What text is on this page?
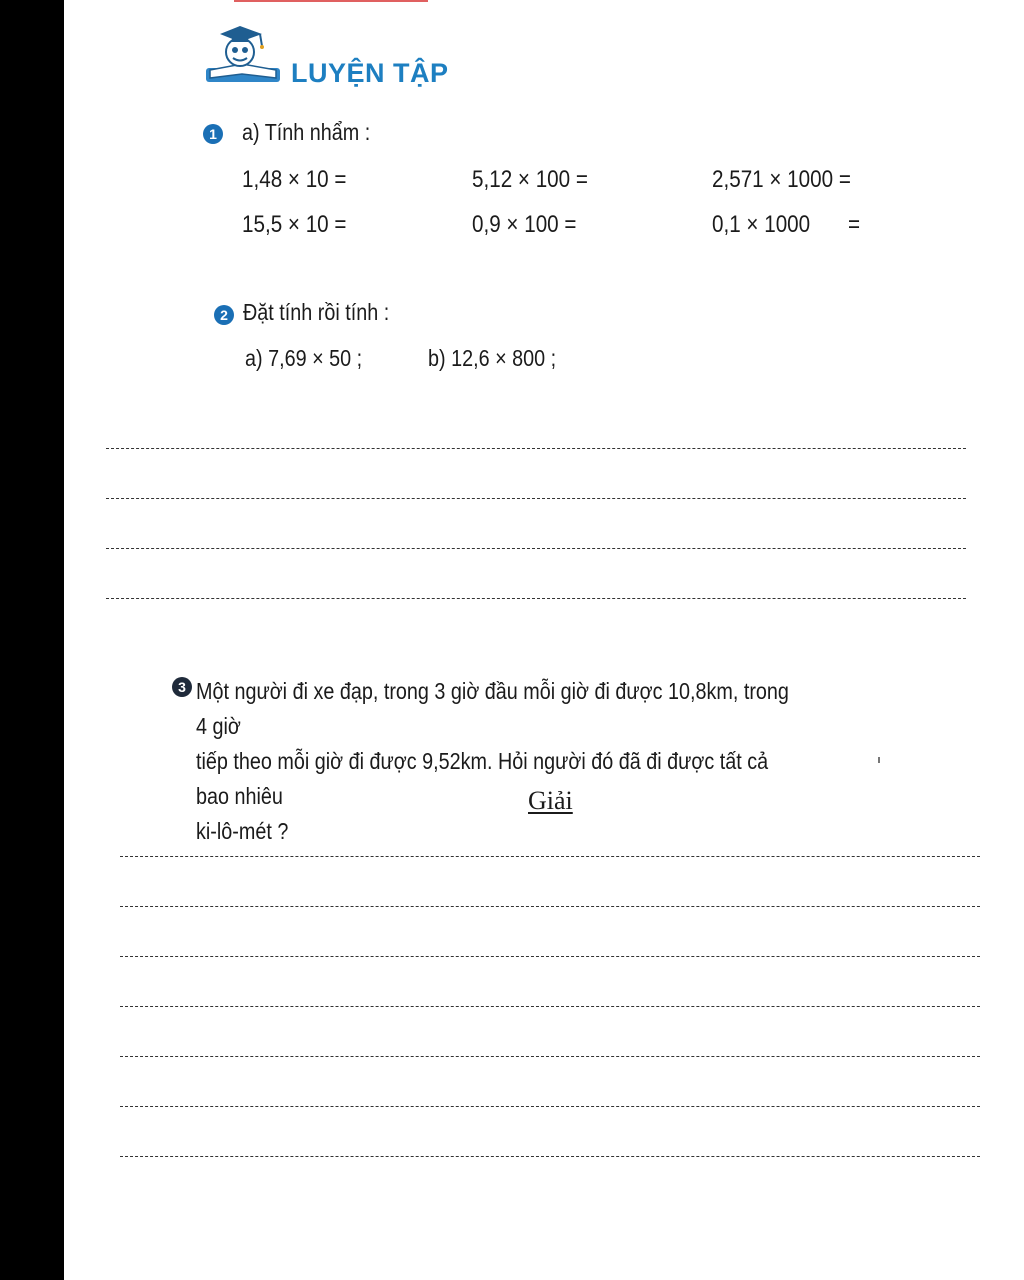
LUYỆN TẬP
1 a) Tính nhẩm :
1,48 × 10 =	5,12 × 100 =	2,571 × 1000 =
15,5 × 10 =	0,9 × 100 =	0,1 × 1000 =
2 Đặt tính rồi tính :
a) 7,69 × 50 ;	b) 12,6 × 800 ;
3 Một người đi xe đạp, trong 3 giờ đầu mỗi giờ đi được 10,8km, trong 4 giờ
tiếp theo mỗi giờ đi được 9,52km. Hỏi người đó đã đi được tất cả bao nhiêu
ki-lô-mét ?
Giải
